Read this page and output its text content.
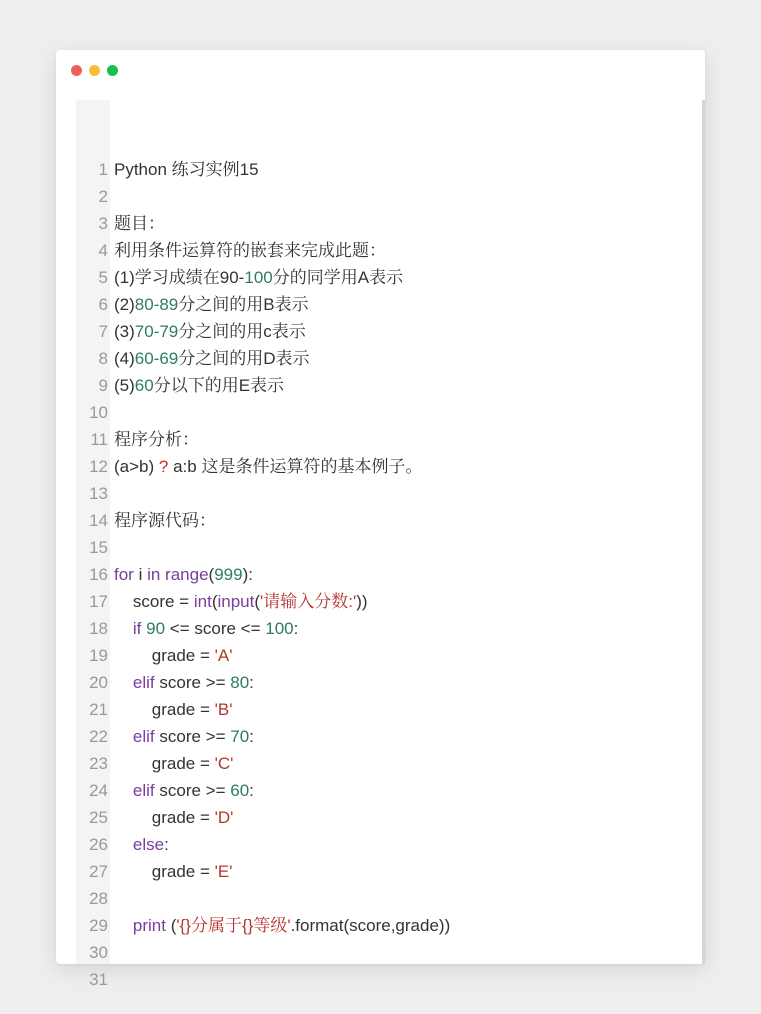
1
2
3
4
5
6
7
8
9
10
11
12
13
14
15
16
17
18
19
20
21
22
23
24
25
26
27
28
29
30
31
Python 练习实例15
题目：
利用条件运算符的嵌套来完成此题：
(1)学习成绩在90-100分的同学用A表示
(2)80-89分之间的用B表示
(3)70-79分之间的用c表示
(4)60-69分之间的用D表示
(5)60分以下的用E表示
程序分析：
(a>b) ? a:b 这是条件运算符的基本例子。
程序源代码：
for i in range(999):
score = int(input('请输入分数:'))
if 90 <= score <= 100:
grade = 'A'
elif score >= 80:
grade = 'B'
elif score >= 70:
grade = 'C'
elif score >= 60:
grade = 'D'
else:
grade = 'E'
print ('{}分属于{}等级'.format(score,grade))
